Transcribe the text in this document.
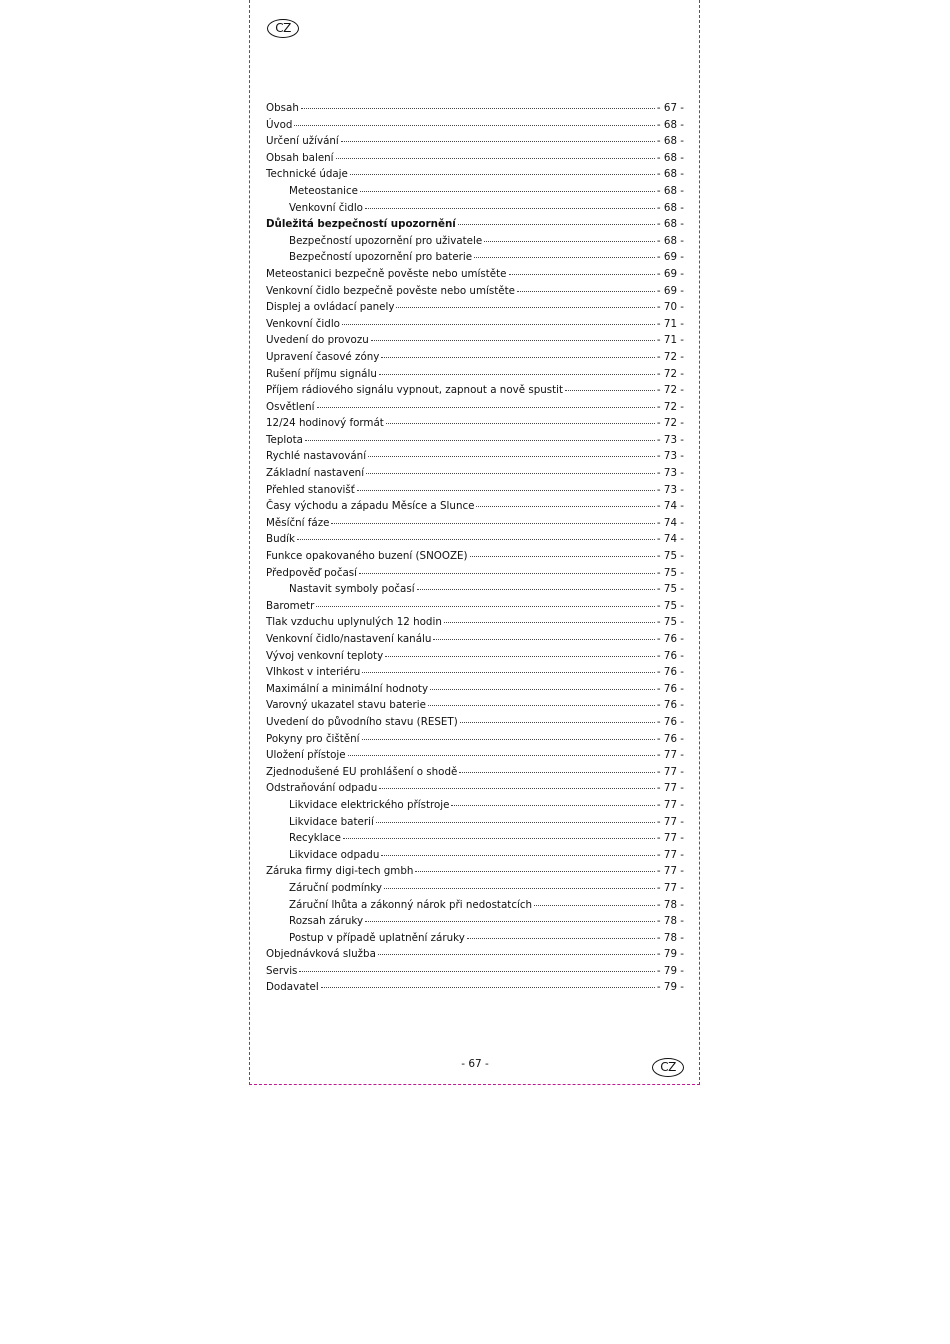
CZ
Obsah	- 67 -
Úvod	- 68 -
Určení užívání	- 68 -
Obsah balení	- 68 -
Technické údaje	- 68 -
Meteostanice	- 68 -
Venkovní čidlo	- 68 -
Důležitá bezpečností upozornění	- 68 -
Bezpečností upozornění pro uživatele	- 68 -
Bezpečností upozornění pro baterie	- 69 -
Meteostanici bezpečně pověste nebo umístěte	- 69 -
Venkovní čidlo bezpečně pověste nebo umístěte	- 69 -
Displej a ovládací panely	- 70 -
Venkovní čidlo	- 71 -
Uvedení do provozu	- 71 -
Upravení časové zóny	- 72 -
Rušení příjmu signálu	- 72 -
Příjem rádiového signálu vypnout, zapnout a nově spustit	- 72 -
Osvětlení	- 72 -
12/24 hodinový formát	- 72 -
Teplota	- 73 -
Rychlé nastavování	- 73 -
Základní nastavení	- 73 -
Přehled stanovišť	- 73 -
Časy východu a západu Měsíce a Slunce	- 74 -
Měsíční fáze	- 74 -
Budík	- 74 -
Funkce opakovaného buzení (SNOOZE)	- 75 -
Předpověď počasí	- 75 -
Nastavit symboly počasí	- 75 -
Barometr	- 75 -
Tlak vzduchu uplynulých 12 hodin	- 75 -
Venkovní čidlo/nastavení kanálu	- 76 -
Vývoj venkovní teploty	- 76 -
Vlhkost v interiéru	- 76 -
Maximální a minimální hodnoty	- 76 -
Varovný ukazatel stavu baterie	- 76 -
Uvedení do původního stavu (RESET)	- 76 -
Pokyny pro čištění	- 76 -
Uložení přístoje	- 77 -
Zjednodušené EU prohlášení o shodě	- 77 -
Odstraňování odpadu	- 77 -
Likvidace elektrického přístroje	- 77 -
Likvidace baterií	- 77 -
Recyklace	- 77 -
Likvidace odpadu	- 77 -
Záruka firmy digi-tech gmbh	- 77 -
Záruční podmínky	- 77 -
Záruční lhůta a zákonný nárok při nedostatcích	- 78 -
Rozsah záruky	- 78 -
Postup v případě uplatnění záruky	- 78 -
Objednávková služba	- 79 -
Servis	- 79 -
Dodavatel	- 79 -
- 67 -	CZ
